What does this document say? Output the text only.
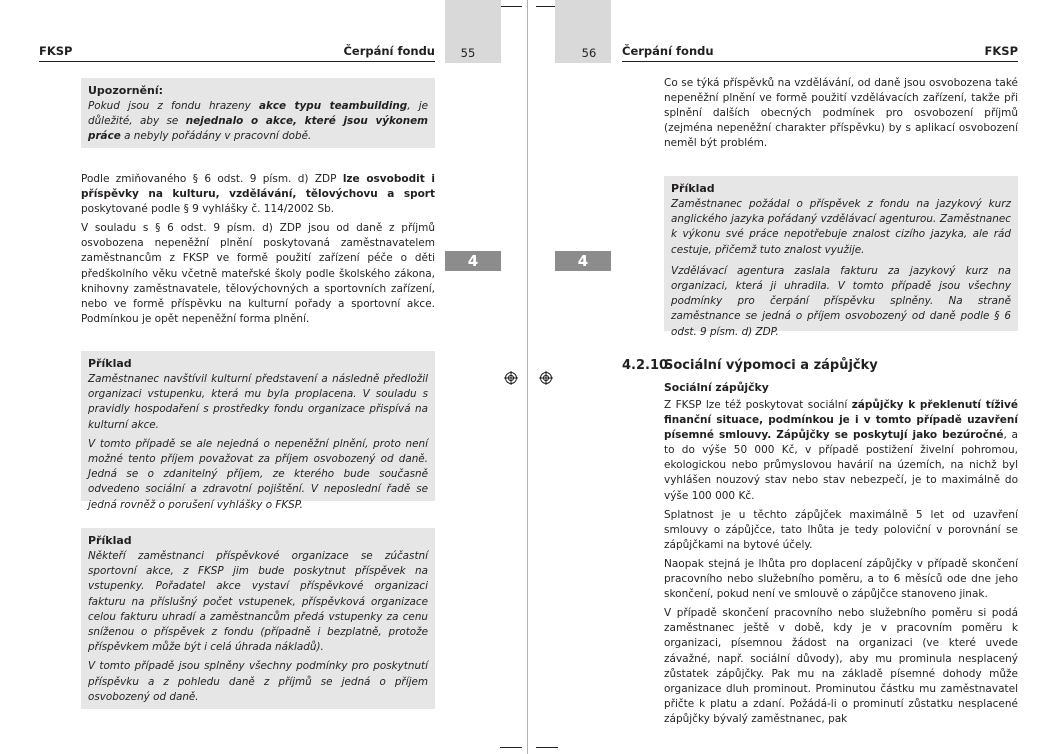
55
FKSP	Čerpání fondu
4
Upozornění:

Pokud jsou z fondu hrazeny akce typu teambuilding, je důležité, aby se nejednalo o akce, které jsou výkonem práce a nebyly pořádány v pracovní době.

Podle zmiňovaného § 6 odst. 9 písm. d) ZDP lze osvobodit i příspěvky na kulturu, vzdělávání, tělovýchovu a sport poskytované podle § 9 vyhlášky č. 114/2002 Sb.

V souladu s § 6 odst. 9 písm. d) ZDP jsou od daně z příjmů osvobozena nepeněžní plnění poskytovaná zaměstnavatelem zaměstnancům z FKSP ve formě použití zařízení péče o děti předškolního věku včetně mateřské školy podle školského zákona, knihovny zaměstnavatele, tělovýchovných a sportovních zařízení, nebo ve formě příspěvku na kulturní pořady a sportovní akce. Podmínkou je opět nepeněžní forma plnění.

Příklad

Zaměstnanec navštívil kulturní představení a následně předložil organizaci vstupenku, která mu byla proplacena. V souladu s pravidly hospodaření s prostředky fondu organizace přispívá na kulturní akce.

V tomto případě se ale nejedná o nepeněžní plnění, proto není možné tento příjem považovat za příjem osvobozený od daně. Jedná se o zdanitelný příjem, ze kterého bude současně odvedeno sociální a zdravotní pojištění. V neposlední řadě se jedná rovněž o porušení vyhlášky o FKSP.

Příklad

Někteří zaměstnanci příspěvkové organizace se zúčastní sportovní akce, z FKSP jim bude poskytnut příspěvek na vstupenky. Pořadatel akce vystaví příspěvkové organizaci fakturu na příslušný počet vstupenek, příspěvková organizace celou fakturu uhradí a zaměstnancům předá vstupenky za cenu sníženou o příspěvek z fondu (případně i bezplatně, protože příspěvkem může být i celá úhrada nákladů).

V tomto případě jsou splněny všechny podmínky pro poskytnutí příspěvku a z pohledu daně z příjmů se jedná o příjem osvobozený od daně.

56	Čerpání fondu	FKSP
4

Co se týká příspěvků na vzdělávání, od daně jsou osvobozena také nepeněžní plnění ve formě použití vzdělávacích zařízení, takže při splnění dalších obecných podmínek pro osvobození příjmů (zejména nepeněžní charakter příspěvku) by s aplikací osvobození neměl být problém.

Příklad

Zaměstnanec požádal o příspěvek z fondu na jazykový kurz anglického jazyka pořádaný vzdělávací agenturou. Zaměstnanec k výkonu své práce nepotřebuje znalost cizího jazyka, ale rád cestuje, přičemž tuto znalost využije.

Vzdělávací agentura zaslala fakturu za jazykový kurz na organizaci, která ji uhradila. V tomto případě jsou všechny podmínky pro čerpání příspěvku splněny. Na straně zaměstnance se jedná o příjem osvobozený od daně podle § 6 odst. 9 písm. d) ZDP.

4.2.10
Sociální výpomoci a zápůjčky

Sociální zápůjčky

Z FKSP lze též poskytovat sociální zápůjčky k překlenutí tíživé finanční situace, podmínkou je i v tomto případě uzavření písemné smlouvy. Zápůjčky se poskytují jako bezúročné, a to do výše 50 000 Kč, v případě postižení živelní pohromou, ekologickou nebo průmyslovou havárií na územích, na nichž byl vyhlášen nouzový stav nebo stav nebezpečí, je to maximálně do výše 100 000 Kč.

Splatnost je u těchto zápůjček maximálně 5 let od uzavření smlouvy o zápůjčce, tato lhůta je tedy poloviční v porovnání se zápůjčkami na bytové účely.

Naopak stejná je lhůta pro doplacení zápůjčky v případě skončení pracovního nebo služebního poměru, a to 6 měsíců ode dne jeho skončení, pokud není ve smlouvě o zápůjčce stanoveno jinak.

V případě skončení pracovního nebo služebního poměru si podá zaměstnanec ještě v době, kdy je v pracovním poměru k organizaci, písemnou žádost na organizaci (ve které uvede závažné, např. sociální důvody), aby mu prominula nesplacený zůstatek zápůjčky. Pak mu na základě písemné dohody může organizace dluh prominout. Prominutou částku mu zaměstnavatel přičte k platu a zdaní. Požádá-li o prominutí zůstatku nesplacené zápůjčky bývalý zaměstnanec, pak
